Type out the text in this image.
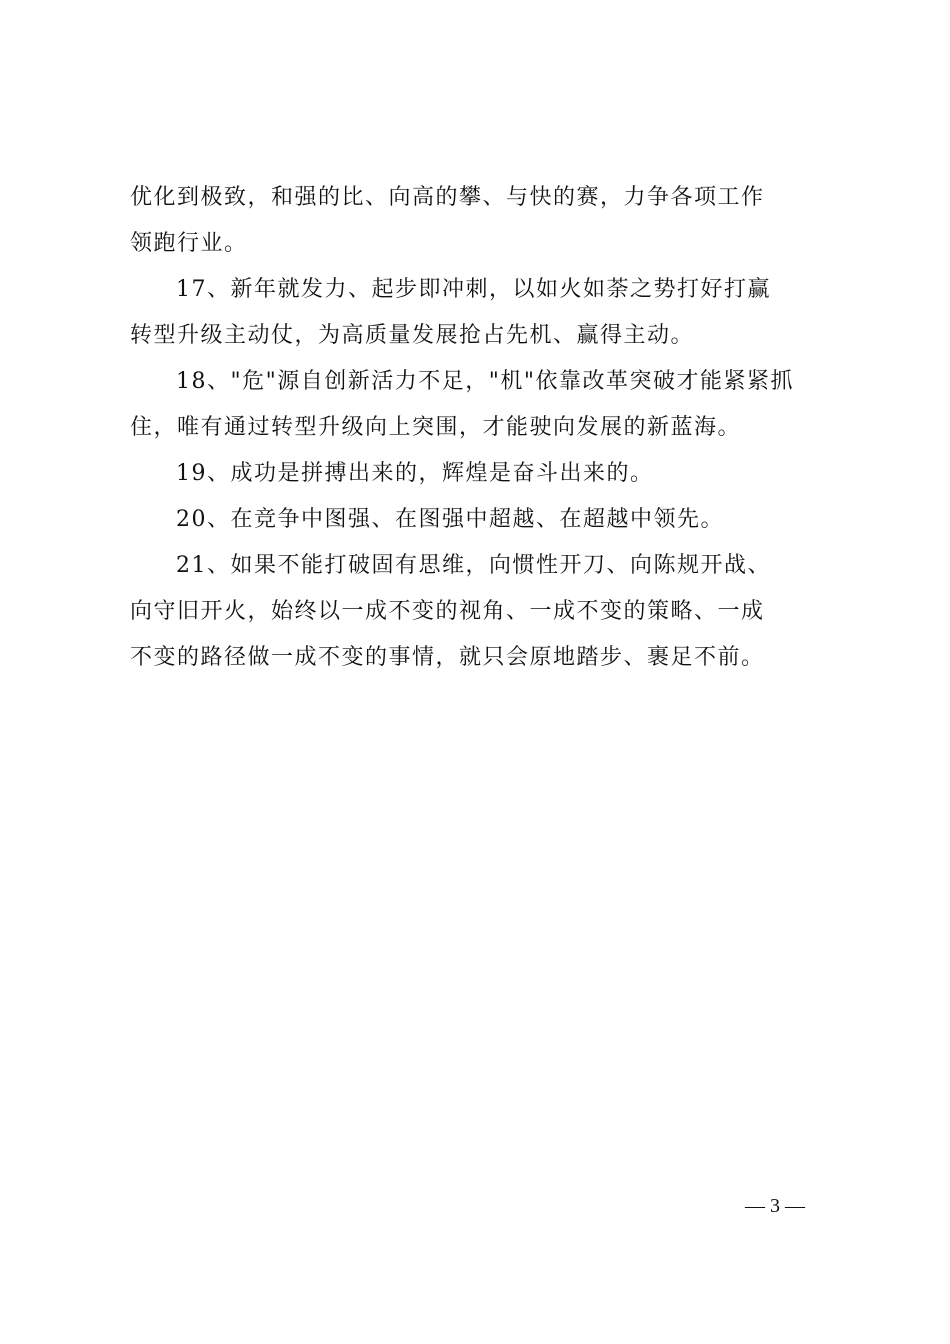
优化到极致，和强的比、向高的攀、与快的赛，力争各项工作
领跑行业。
17、新年就发力、起步即冲刺，以如火如荼之势打好打赢
转型升级主动仗，为高质量发展抢占先机、赢得主动。
18、"危"源自创新活力不足，"机"依靠改革突破才能紧紧抓
住，唯有通过转型升级向上突围，才能驶向发展的新蓝海。
19、成功是拼搏出来的，辉煌是奋斗出来的。
20、在竞争中图强、在图强中超越、在超越中领先。
21、如果不能打破固有思维，向惯性开刀、向陈规开战、
向守旧开火，始终以一成不变的视角、一成不变的策略、一成
不变的路径做一成不变的事情，就只会原地踏步、裹足不前。
— 3 —
